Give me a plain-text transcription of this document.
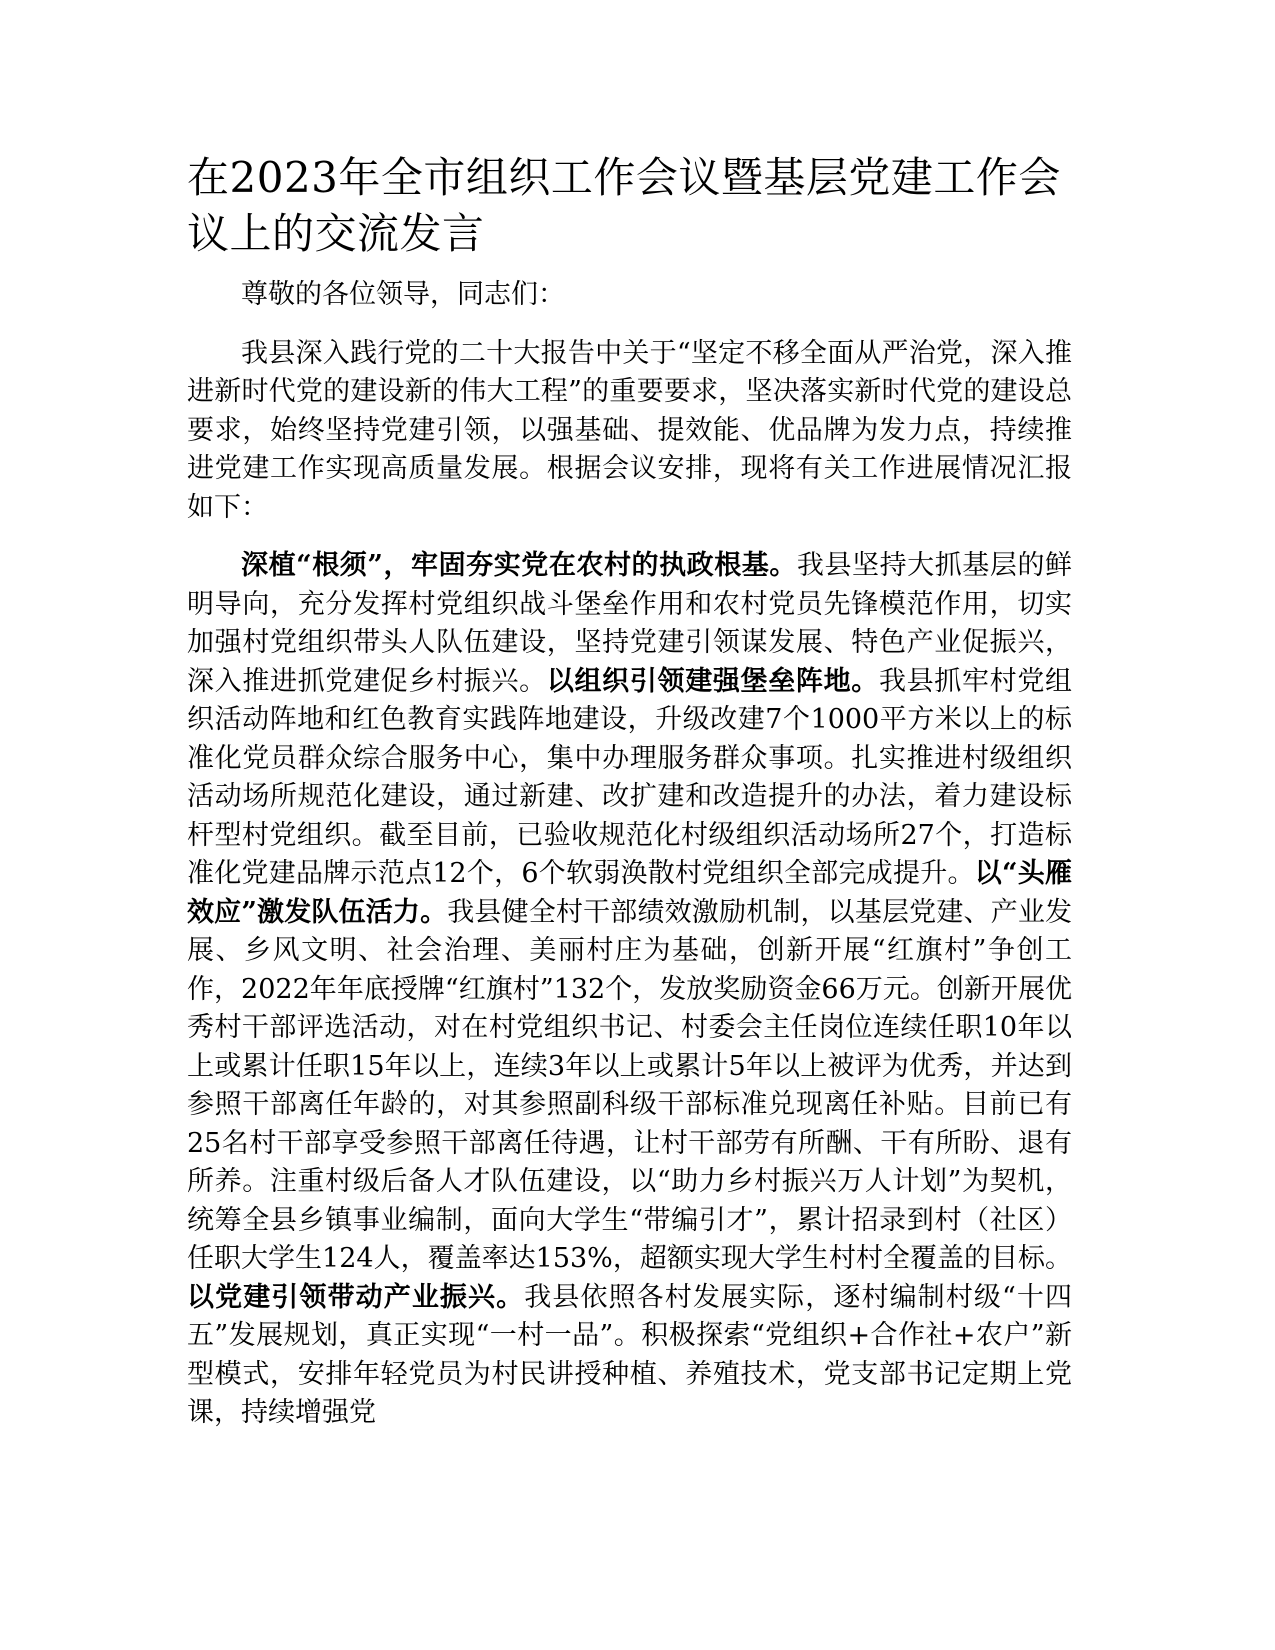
在2023年全市组织工作会议暨基层党建工作会议上的交流发言

尊敬的各位领导，同志们：

我县深入践行党的二十大报告中关于“坚定不移全面从严治党，深入推进新时代党的建设新的伟大工程”的重要要求，坚决落实新时代党的建设总要求，始终坚持党建引领，以强基础、提效能、优品牌为发力点，持续推进党建工作实现高质量发展。根据会议安排，现将有关工作进展情况汇报如下：

深植“根须”，牢固夯实党在农村的执政根基。我县坚持大抓基层的鲜明导向，充分发挥村党组织战斗堡垒作用和农村党员先锋模范作用，切实加强村党组织带头人队伍建设，坚持党建引领谋发展、特色产业促振兴，深入推进抓党建促乡村振兴。以组织引领建强堡垒阵地。我县抓牢村党组织活动阵地和红色教育实践阵地建设，升级改建7个1000平方米以上的标准化党员群众综合服务中心，集中办理服务群众事项。扎实推进村级组织活动场所规范化建设，通过新建、改扩建和改造提升的办法，着力建设标杆型村党组织。截至目前，已验收规范化村级组织活动场所27个，打造标准化党建品牌示范点12个，6个软弱涣散村党组织全部完成提升。以“头雁效应”激发队伍活力。我县健全村干部绩效激励机制，以基层党建、产业发展、乡风文明、社会治理、美丽村庄为基础，创新开展“红旗村”争创工作，2022年年底授牌“红旗村”132个，发放奖励资金66万元。创新开展优秀村干部评选活动，对在村党组织书记、村委会主任岗位连续任职10年以上或累计任职15年以上，连续3年以上或累计5年以上被评为优秀，并达到参照干部离任年龄的，对其参照副科级干部标准兑现离任补贴。目前已有25名村干部享受参照干部离任待遇，让村干部劳有所酬、干有所盼、退有所养。注重村级后备人才队伍建设，以“助力乡村振兴万人计划”为契机，统筹全县乡镇事业编制，面向大学生“带编引才”，累计招录到村（社区）任职大学生124人，覆盖率达153%，超额实现大学生村村全覆盖的目标。以党建引领带动产业振兴。我县依照各村发展实际，逐村编制村级“十四五”发展规划，真正实现“一村一品”。积极探索“党组织+合作社+农户”新型模式，安排年轻党员为村民讲授种植、养殖技术，党支部书记定期上党课，持续增强党
